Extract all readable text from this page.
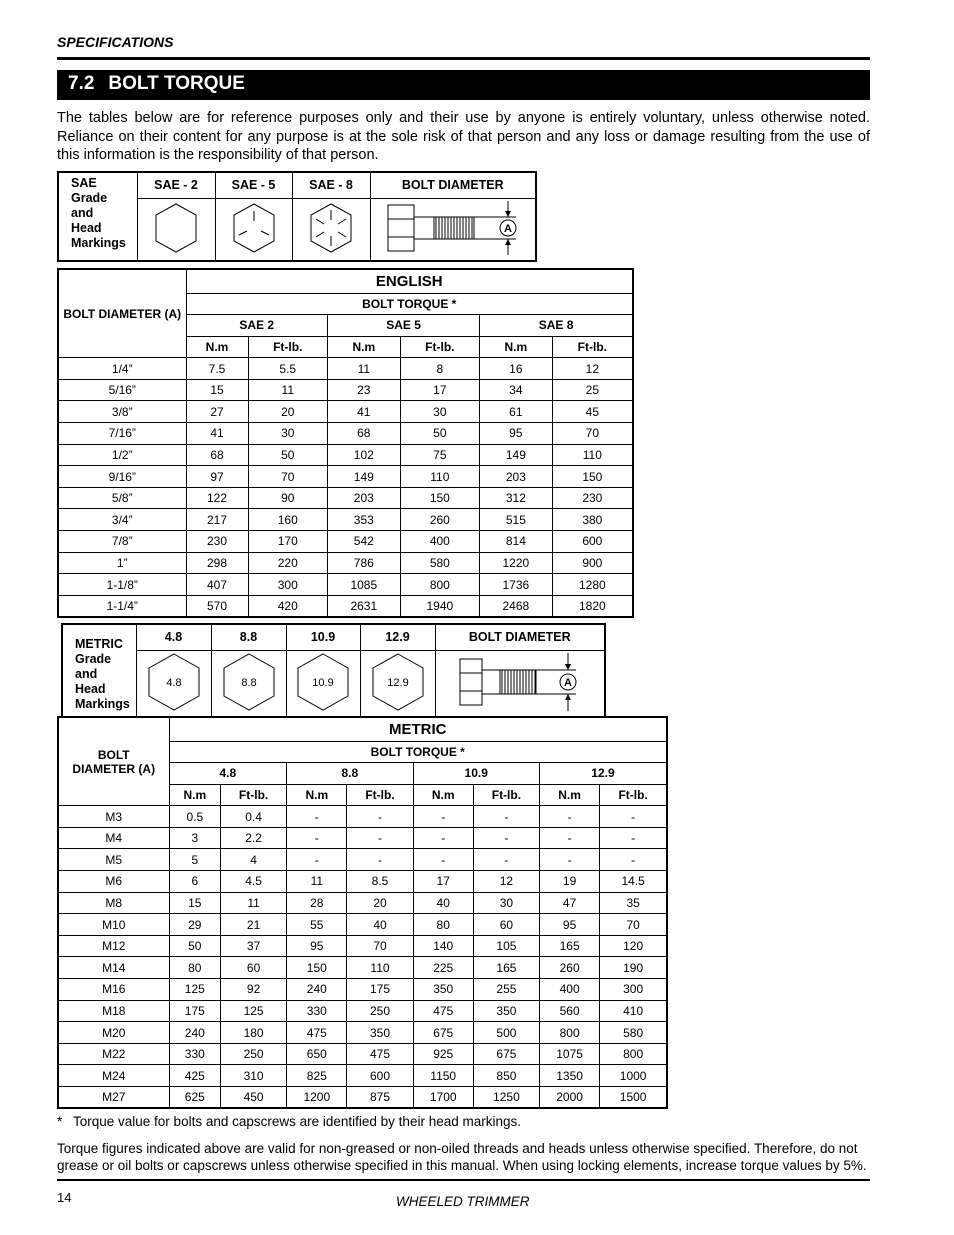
SPECIFICATIONS
7.2 BOLT TORQUE

The tables below are for reference purposes only and their use by anyone is entirely voluntary, unless otherwise noted. Reliance on their content for any purpose is at the sole risk of that person and any loss or damage resulting from the use of this information is the responsibility of that person.

SAE
Grade
and
Head
Markings	SAE - 2	SAE - 5	SAE - 8	BOLT DIAMETER

A
BOLT DIAMETER (A)	ENGLISH					
	BOLT TORQUE *					
	SAE 2		SAE 5		SAE 8	
	N.m	Ft-lb.	N.m	Ft-lb.	N.m	Ft-lb.
1/4”	7.5	5.5	11	8	16	12
5/16”	15	11	23	17	34	25
3/8”	27	20	41	30	61	45
7/16”	41	30	68	50	95	70
1/2”	68	50	102	75	149	110
9/16”	97	70	149	110	203	150
5/8”	122	90	203	150	312	230
3/4”	217	160	353	260	515	380
7/8”	230	170	542	400	814	600
1”	298	220	786	580	1220	900
1-1/8”	407	300	1085	800	1736	1280
1-1/4”	570	420	2631	1940	2468	1820
METRIC
Grade
and
Head
Markings	4.8	8.8	10.9	12.9	BOLT DIAMETER

4.8	8.8	10.9	12.9	A
BOLT DIAMETER (A)	METRIC							
	BOLT TORQUE *							
	4.8		8.8		10.9		12.9	
	N.m	Ft-lb.	N.m	Ft-lb.	N.m	Ft-lb.	N.m	Ft-lb.
M3	0.5	0.4	-	-	-	-	-	-
M4	3	2.2	-	-	-	-	-	-
M5	5	4	-	-	-	-	-	-
M6	6	4.5	11	8.5	17	12	19	14.5
M8	15	11	28	20	40	30	47	35
M10	29	21	55	40	80	60	95	70
M12	50	37	95	70	140	105	165	120
M14	80	60	150	110	225	165	260	190
M16	125	92	240	175	350	255	400	300
M18	175	125	330	250	475	350	560	410
M20	240	180	475	350	675	500	800	580
M22	330	250	650	475	925	675	1075	800
M24	425	310	825	600	1150	850	1350	1000
M27	625	450	1200	875	1700	1250	2000	1500
* Torque value for bolts and capscrews are identified by their head markings.

Torque figures indicated above are valid for non-greased or non-oiled threads and heads unless otherwise specified. Therefore, do not grease or oil bolts or capscrews unless otherwise specified in this manual. When using locking elements, increase torque values by 5%.

14	WHEELED TRIMMER
